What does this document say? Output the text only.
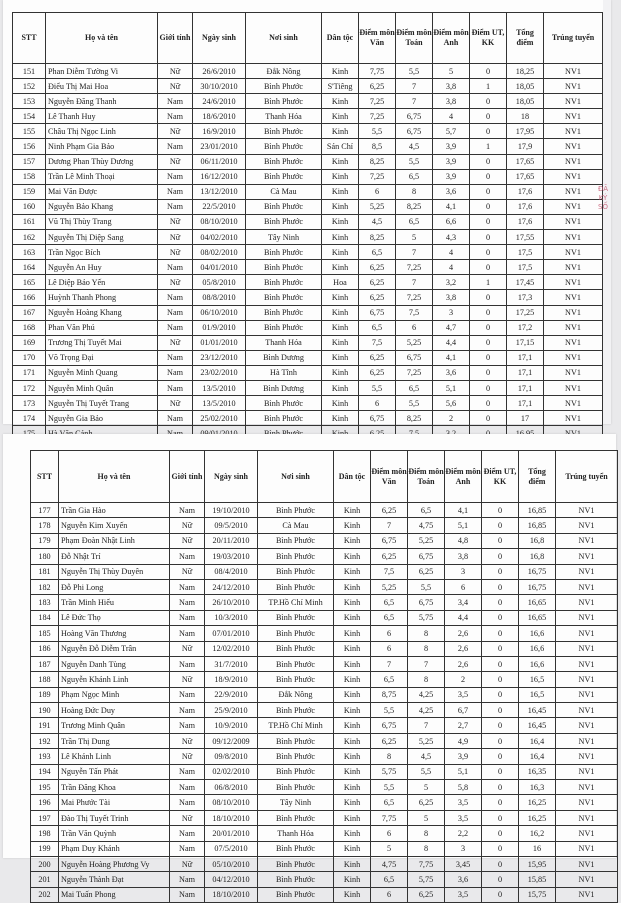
STT	Họ và tên	Giới tính	Ngày sinh	Nơi sinh	Dân tộc	Điểm môn Văn	Điểm môn Toán	Điểm môn Anh	Điểm UT, KK	Tổng điểm	Trúng tuyển
151	Phan Diễm Tường Vi	Nữ	26/6/2010	Đắk Nông	Kinh	7,75	5,5	5	0	18,25	NV1
152	Điểu Thị Mai Hoa	Nữ	30/10/2010	Bình Phước	S'Tiêng	6,25	7	3,8	1	18,05	NV1
153	Nguyễn Đăng Thanh	Nam	24/6/2010	Bình Phước	Kinh	7,25	7	3,8	0	18,05	NV1
154	Lê Thanh Huy	Nam	18/6/2010	Thanh Hóa	Kinh	7,25	6,75	4	0	18	NV1
155	Châu Thị Ngọc Linh	Nữ	16/9/2010	Bình Phước	Kinh	5,5	6,75	5,7	0	17,95	NV1
156	Ninh Phạm Gia Bảo	Nam	23/01/2010	Bình Phước	Sán Chỉ	8,5	4,5	3,9	1	17,9	NV1
157	Dương Phan Thùy Dương	Nữ	06/11/2010	Bình Phước	Kinh	8,25	5,5	3,9	0	17,65	NV1
158	Trần Lê Minh Thoại	Nam	16/12/2010	Bình Phước	Kinh	7,25	6,5	3,9	0	17,65	NV1
159	Mai Văn Được	Nam	13/12/2010	Cà Mau	Kinh	6	8	3,6	0	17,6	NV1
160	Nguyễn Bảo Khang	Nam	22/5/2010	Bình Phước	Kinh	5,25	8,25	4,1	0	17,6	NV1
161	Vũ Thị Thùy Trang	Nữ	08/10/2010	Bình Phước	Kinh	4,5	6,5	6,6	0	17,6	NV1
162	Nguyễn Thị Diệp Sang	Nữ	04/02/2010	Tây Ninh	Kinh	8,25	5	4,3	0	17,55	NV1
163	Trần Ngọc Bích	Nữ	08/02/2010	Bình Phước	Kinh	6,5	7	4	0	17,5	NV1
164	Nguyễn An Huy	Nam	04/01/2010	Bình Phước	Kinh	6,25	7,25	4	0	17,5	NV1
165	Lê Diệp Bảo Yến	Nữ	05/8/2010	Bình Phước	Hoa	6,25	7	3,2	1	17,45	NV1
166	Huỳnh Thanh Phong	Nam	08/8/2010	Bình Phước	Kinh	6,25	7,25	3,8	0	17,3	NV1
167	Nguyễn Hoàng Khang	Nam	06/10/2010	Bình Phước	Kinh	6,75	7,5	3	0	17,25	NV1
168	Phan Văn Phú	Nam	01/9/2010	Bình Phước	Kinh	6,5	6	4,7	0	17,2	NV1
169	Trương Thị Tuyết Mai	Nữ	01/01/2010	Thanh Hóa	Kinh	7,5	5,25	4,4	0	17,15	NV1
170	Võ Trọng Đại	Nam	23/12/2010	Bình Dương	Kinh	6,25	6,75	4,1	0	17,1	NV1
171	Nguyễn Minh Quang	Nam	23/02/2010	Hà Tĩnh	Kinh	6,25	7,25	3,6	0	17,1	NV1
172	Nguyễn Minh Quân	Nam	13/5/2010	Bình Dương	Kinh	5,5	6,5	5,1	0	17,1	NV1
173	Nguyễn Thị Tuyết Trang	Nữ	13/5/2010	Bình Phước	Kinh	6	5,5	5,6	0	17,1	NV1
174	Nguyễn Gia Bảo	Nam	25/02/2010	Bình Phước	Kinh	6,75	8,25	2	0	17	NV1

ĐÃ
KÝ
SỐ
STT	Họ và tên	Giới tính	Ngày sinh	Nơi sinh	Dân tộc	Điểm môn Văn	Điểm môn Toán	Điểm môn Anh	Điểm UT, KK	Tổng điểm	Trúng tuyển
177	Trần Gia Hào	Nam	19/10/2010	Bình Phước	Kinh	6,25	6,5	4,1	0	16,85	NV1
178	Nguyễn Kim Xuyến	Nữ	09/5/2010	Cà Mau	Kinh	7	4,75	5,1	0	16,85	NV1
179	Phạm Đoàn Nhật Linh	Nữ	20/11/2010	Bình Phước	Kinh	6,75	5,25	4,8	0	16,8	NV1
180	Đỗ Nhật Trí	Nam	19/03/2010	Bình Phước	Kinh	6,25	6,75	3,8	0	16,8	NV1
181	Nguyễn Thị Thùy Duyên	Nữ	08/4/2010	Bình Phước	Kinh	7,5	6,25	3	0	16,75	NV1
182	Đỗ Phi Long	Nam	24/12/2010	Bình Phước	Kinh	5,25	5,5	6	0	16,75	NV1
183	Trần Minh Hiếu	Nam	26/10/2010	TP.Hồ Chí Minh	Kinh	6,5	6,75	3,4	0	16,65	NV1
184	Lê Đức Thọ	Nam	10/3/2010	Bình Phước	Kinh	6,5	5,75	4,4	0	16,65	NV1
185	Hoàng Văn Thương	Nam	07/01/2010	Bình Phước	Kinh	6	8	2,6	0	16,6	NV1
186	Nguyễn Đỗ Diễm Trân	Nữ	12/02/2010	Bình Phước	Kinh	6	8	2,6	0	16,6	NV1
187	Nguyễn Danh Tùng	Nam	31/7/2010	Bình Phước	Kinh	7	7	2,6	0	16,6	NV1
188	Nguyễn Khánh Linh	Nữ	18/9/2010	Bình Phước	Kinh	6,5	8	2	0	16,5	NV1
189	Phạm Ngọc Minh	Nam	22/9/2010	Đắk Nông	Kinh	8,75	4,25	3,5	0	16,5	NV1
190	Hoàng Đức Duy	Nam	25/9/2010	Bình Phước	Kinh	5,5	4,25	6,7	0	16,45	NV1
191	Trương Minh Quân	Nam	10/9/2010	TP.Hồ Chí Minh	Kinh	6,75	7	2,7	0	16,45	NV1
192	Trần Thị Dung	Nữ	09/12/2009	Bình Phước	Kinh	6,25	5,25	4,9	0	16,4	NV1
193	Lê Khánh Linh	Nữ	09/8/2010	Bình Phước	Kinh	8	4,5	3,9	0	16,4	NV1
194	Nguyễn Tấn Phát	Nam	02/02/2010	Bình Phước	Kinh	5,75	5,5	5,1	0	16,35	NV1
195	Trần Đăng Khoa	Nam	06/8/2010	Bình Phước	Kinh	5,5	5	5,8	0	16,3	NV1
196	Mai Phước Tài	Nam	08/10/2010	Tây Ninh	Kinh	6,5	6,25	3,5	0	16,25	NV1
197	Đào Thị Tuyết Trinh	Nữ	18/10/2010	Bình Phước	Kinh	7,75	5	3,5	0	16,25	NV1
198	Trần Văn Quỳnh	Nam	20/01/2010	Thanh Hóa	Kinh	6	8	2,2	0	16,2	NV1
199	Phạm Duy Khánh	Nam	07/5/2010	Bình Phước	Kinh	5	8	3	0	16	NV1
200	Nguyễn Hoàng Phương Vy	Nữ	05/10/2010	Bình Phước	Kinh	4,75	7,75	3,45	0	15,95	NV1
201	Nguyễn Thành Đạt	Nam	04/12/2010	Bình Phước	Kinh	6,5	5,75	3,6	0	15,85	NV1
202	Mai Tuấn Phong	Nam	18/10/2010	Bình Phước	Kinh	6	6,25	3,5	0	15,75	NV1
